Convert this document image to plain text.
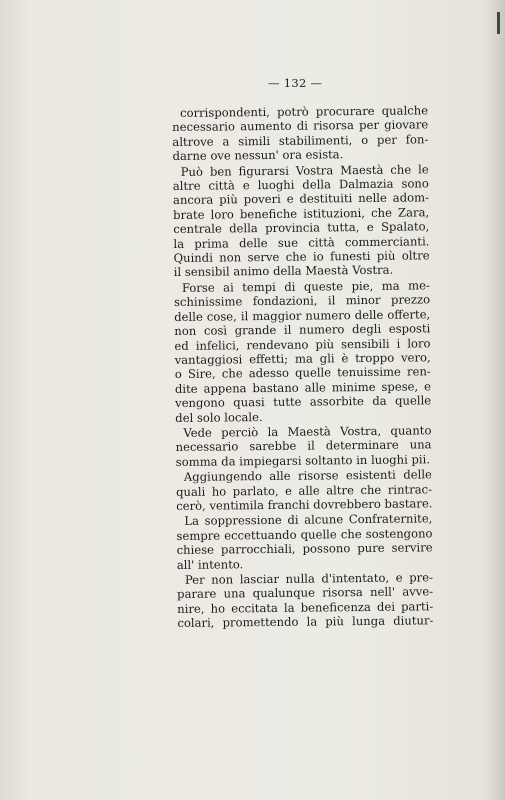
— 132 —

corrispondenti, potrò procurare qualche
necessario aumento di risorsa per giovare
altrove a simili stabilimenti, o per fon-
darne ove nessun' ora esista.

Può ben figurarsi Vostra Maestà che le
altre città e luoghi della Dalmazia sono
ancora più poveri e destituiti nelle adom-
brate loro benefiche istituzioni, che Zara,
centrale della provincia tutta, e Spalato,
la prima delle sue città commercianti.
Quindi non serve che io funesti più oltre
il sensibil animo della Maestà Vostra.

Forse ai tempi di queste pie, ma me-
schinissime fondazioni, il minor prezzo
delle cose, il maggior numero delle offerte,
non così grande il numero degli esposti
ed infelici, rendevano più sensibili i loro
vantaggiosi effetti; ma gli è troppo vero,
o Sire, che adesso quelle tenuissime ren-
dite appena bastano alle minime spese, e
vengono quasi tutte assorbite da quelle
del solo locale.

Vede perciò la Maestà Vostra, quanto
necessario sarebbe il determinare una
somma da impiegarsi soltanto in luoghi pii.

Aggiungendo alle risorse esistenti delle
quali ho parlato, e alle altre che rintrac-
cerò, ventimila franchi dovrebbero bastare.

La soppressione di alcune Confraternite,
sempre eccettuando quelle che sostengono
chiese parrocchiali, possono pure servire
all' intento.

Per non lasciar nulla d'intentato, e pre-
parare una qualunque risorsa nell' avve-
nire, ho eccitata la beneficenza dei parti-
colari, promettendo la più lunga diutur-
